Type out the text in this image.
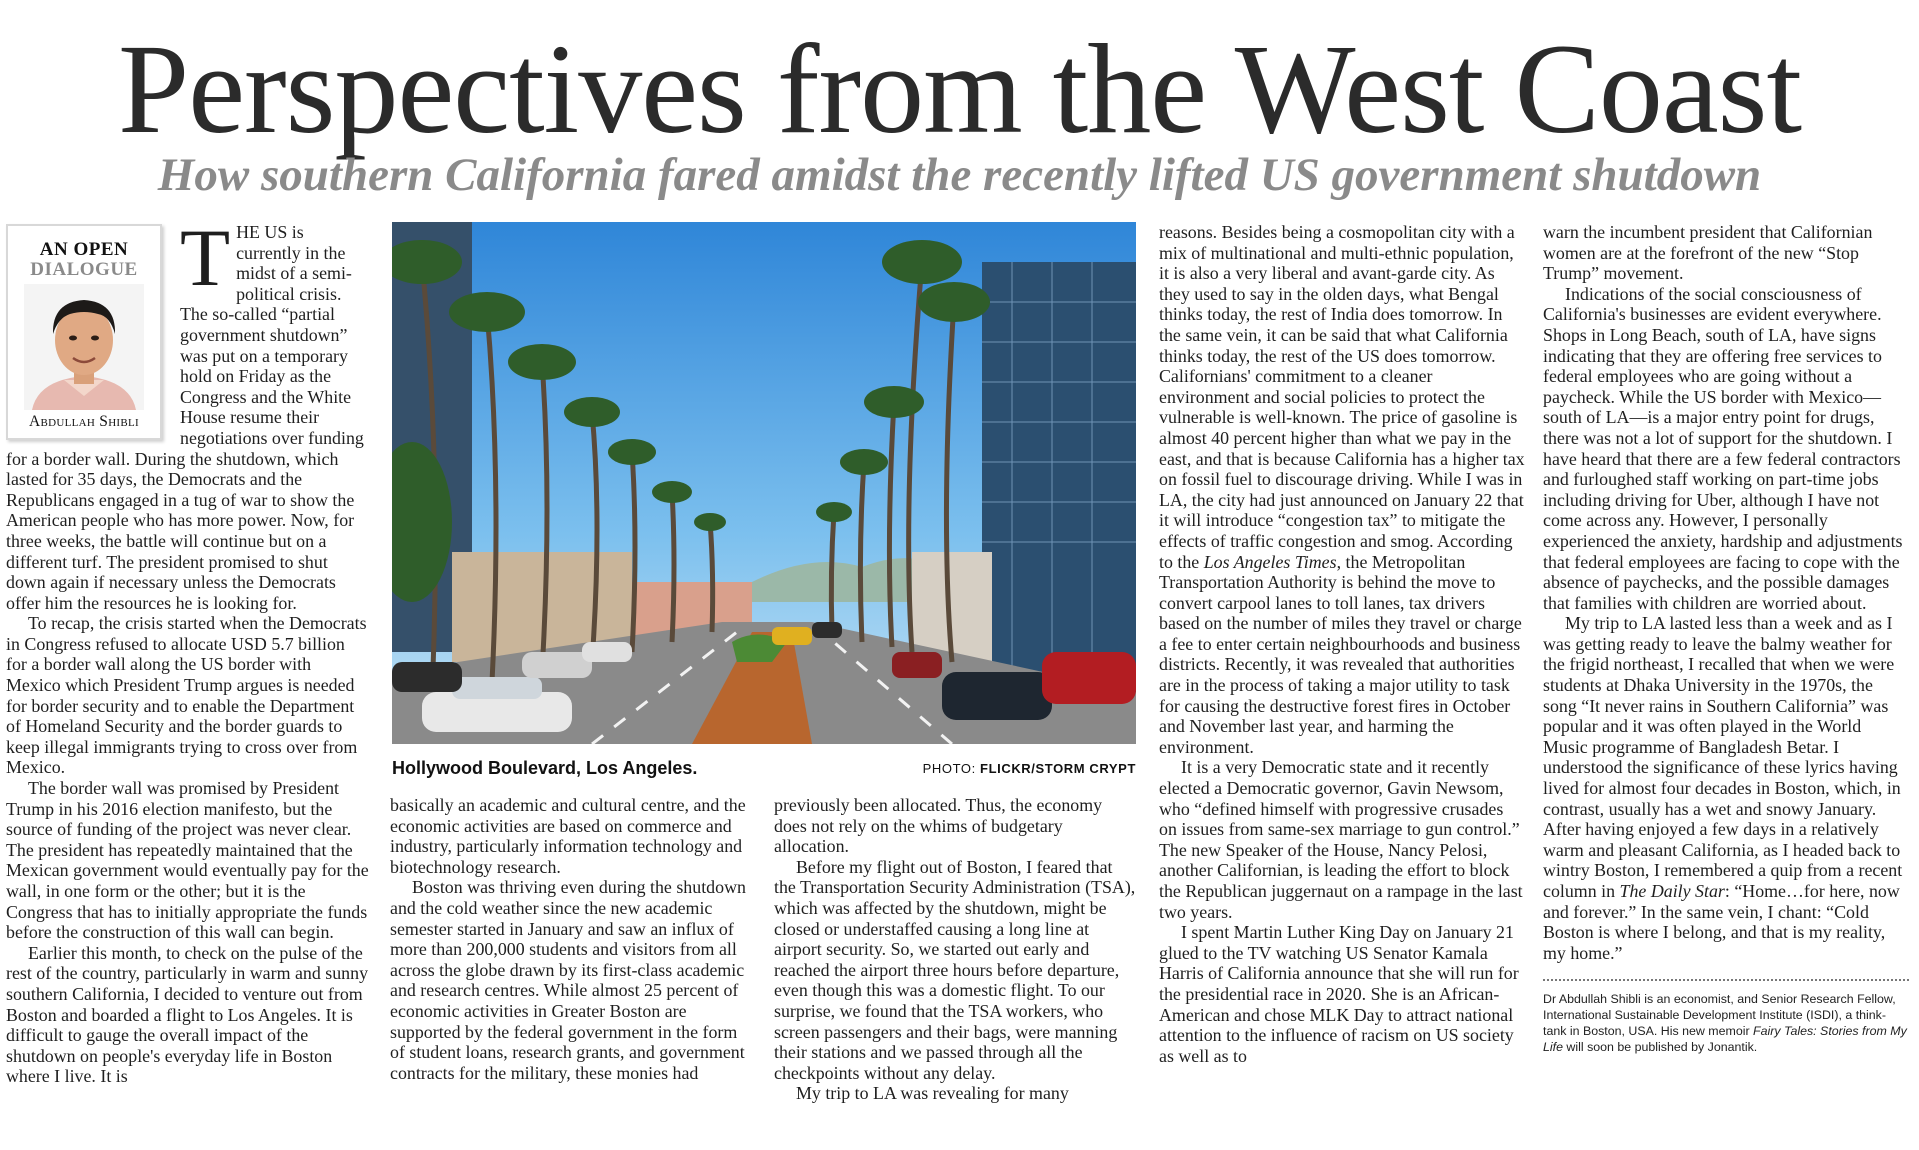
Perspectives from the West Coast
How southern California fared amidst the recently lifted US government shutdown
AN OPEN
DIALOGUE
Abdullah Shibli

THE US is currently in the midst of a semi-political crisis. The so-called “partial government shutdown” was put on a temporary hold on Friday as the Congress and the White House resume their negotiations over funding for a border wall. During the shutdown, which lasted for 35 days, the Democrats and the Republicans engaged in a tug of war to show the American people who has more power. Now, for three weeks, the battle will continue but on a different turf. The president promised to shut down again if necessary unless the Democrats offer him the resources he is looking for.

To recap, the crisis started when the Democrats in Congress refused to allocate USD 5.7 billion for a border wall along the US border with Mexico which President Trump argues is needed for border security and to enable the Department of Homeland Security and the border guards to keep illegal immigrants trying to cross over from Mexico.

The border wall was promised by President Trump in his 2016 election manifesto, but the source of funding of the project was never clear. The president has repeatedly maintained that the Mexican government would eventually pay for the wall, in one form or the other; but it is the Congress that has to initially appropriate the funds before the construction of this wall can begin.

Earlier this month, to check on the pulse of the rest of the country, particularly in warm and sunny southern California, I decided to venture out from Boston and boarded a flight to Los Angeles. It is difficult to gauge the overall impact of the shutdown on people's everyday life in Boston where I live. It is

Hollywood Boulevard, Los Angeles.	PHOTO: FLICKR/STORM CRYPT

basically an academic and cultural centre, and the economic activities are based on commerce and industry, particularly information technology and biotechnology research.

Boston was thriving even during the shutdown and the cold weather since the new academic semester started in January and saw an influx of more than 200,000 students and visitors from all across the globe drawn by its first-class academic and research centres. While almost 25 percent of economic activities in Greater Boston are supported by the federal government in the form of student loans, research grants, and government contracts for the military, these monies had

previously been allocated. Thus, the economy does not rely on the whims of budgetary allocation.

Before my flight out of Boston, I feared that the Transportation Security Administration (TSA), which was affected by the shutdown, might be closed or understaffed causing a long line at airport security. So, we started out early and reached the airport three hours before departure, even though this was a domestic flight. To our surprise, we found that the TSA workers, who screen passengers and their bags, were manning their stations and we passed through all the checkpoints without any delay.

My trip to LA was revealing for many

reasons. Besides being a cosmopolitan city with a mix of multinational and multi-ethnic population, it is also a very liberal and avant-garde city. As they used to say in the olden days, what Bengal thinks today, the rest of India does tomorrow. In the same vein, it can be said that what California thinks today, the rest of the US does tomorrow. Californians' commitment to a cleaner environment and social policies to protect the vulnerable is well-known. The price of gasoline is almost 40 percent higher than what we pay in the east, and that is because California has a higher tax on fossil fuel to discourage driving. While I was in LA, the city had just announced on January 22 that it will introduce “congestion tax” to mitigate the effects of traffic congestion and smog. According to the Los Angeles Times, the Metropolitan Transportation Authority is behind the move to convert carpool lanes to toll lanes, tax drivers based on the number of miles they travel or charge a fee to enter certain neighbourhoods and business districts. Recently, it was revealed that authorities are in the process of taking a major utility to task for causing the destructive forest fires in October and November last year, and harming the environment.

It is a very Democratic state and it recently elected a Democratic governor, Gavin Newsom, who “defined himself with progressive crusades on issues from same-sex marriage to gun control.” The new Speaker of the House, Nancy Pelosi, another Californian, is leading the effort to block the Republican juggernaut on a rampage in the last two years.

I spent Martin Luther King Day on January 21 glued to the TV watching US Senator Kamala Harris of California announce that she will run for the presidential race in 2020. She is an African-American and chose MLK Day to attract national attention to the influence of racism on US society as well as to

warn the incumbent president that Californian women are at the forefront of the new “Stop Trump” movement.

Indications of the social consciousness of California's businesses are evident everywhere. Shops in Long Beach, south of LA, have signs indicating that they are offering free services to federal employees who are going without a paycheck. While the US border with Mexico—south of LA—is a major entry point for drugs, there was not a lot of support for the shutdown. I have heard that there are a few federal contractors and furloughed staff working on part-time jobs including driving for Uber, although I have not come across any. However, I personally experienced the anxiety, hardship and adjustments that federal employees are facing to cope with the absence of paychecks, and the possible damages that families with children are worried about.

My trip to LA lasted less than a week and as I was getting ready to leave the balmy weather for the frigid northeast, I recalled that when we were students at Dhaka University in the 1970s, the song “It never rains in Southern California” was popular and it was often played in the World Music programme of Bangladesh Betar. I understood the significance of these lyrics having lived for almost four decades in Boston, which, in contrast, usually has a wet and snowy January. After having enjoyed a few days in a relatively warm and pleasant California, as I headed back to wintry Boston, I remembered a quip from a recent column in The Daily Star: “Home…for here, now and forever.” In the same vein, I chant: “Cold Boston is where I belong, and that is my reality, my home.”

Dr Abdullah Shibli is an economist, and Senior Research Fellow, International Sustainable Development Institute (ISDI), a think-tank in Boston, USA. His new memoir Fairy Tales: Stories from My Life will soon be published by Jonantik.
